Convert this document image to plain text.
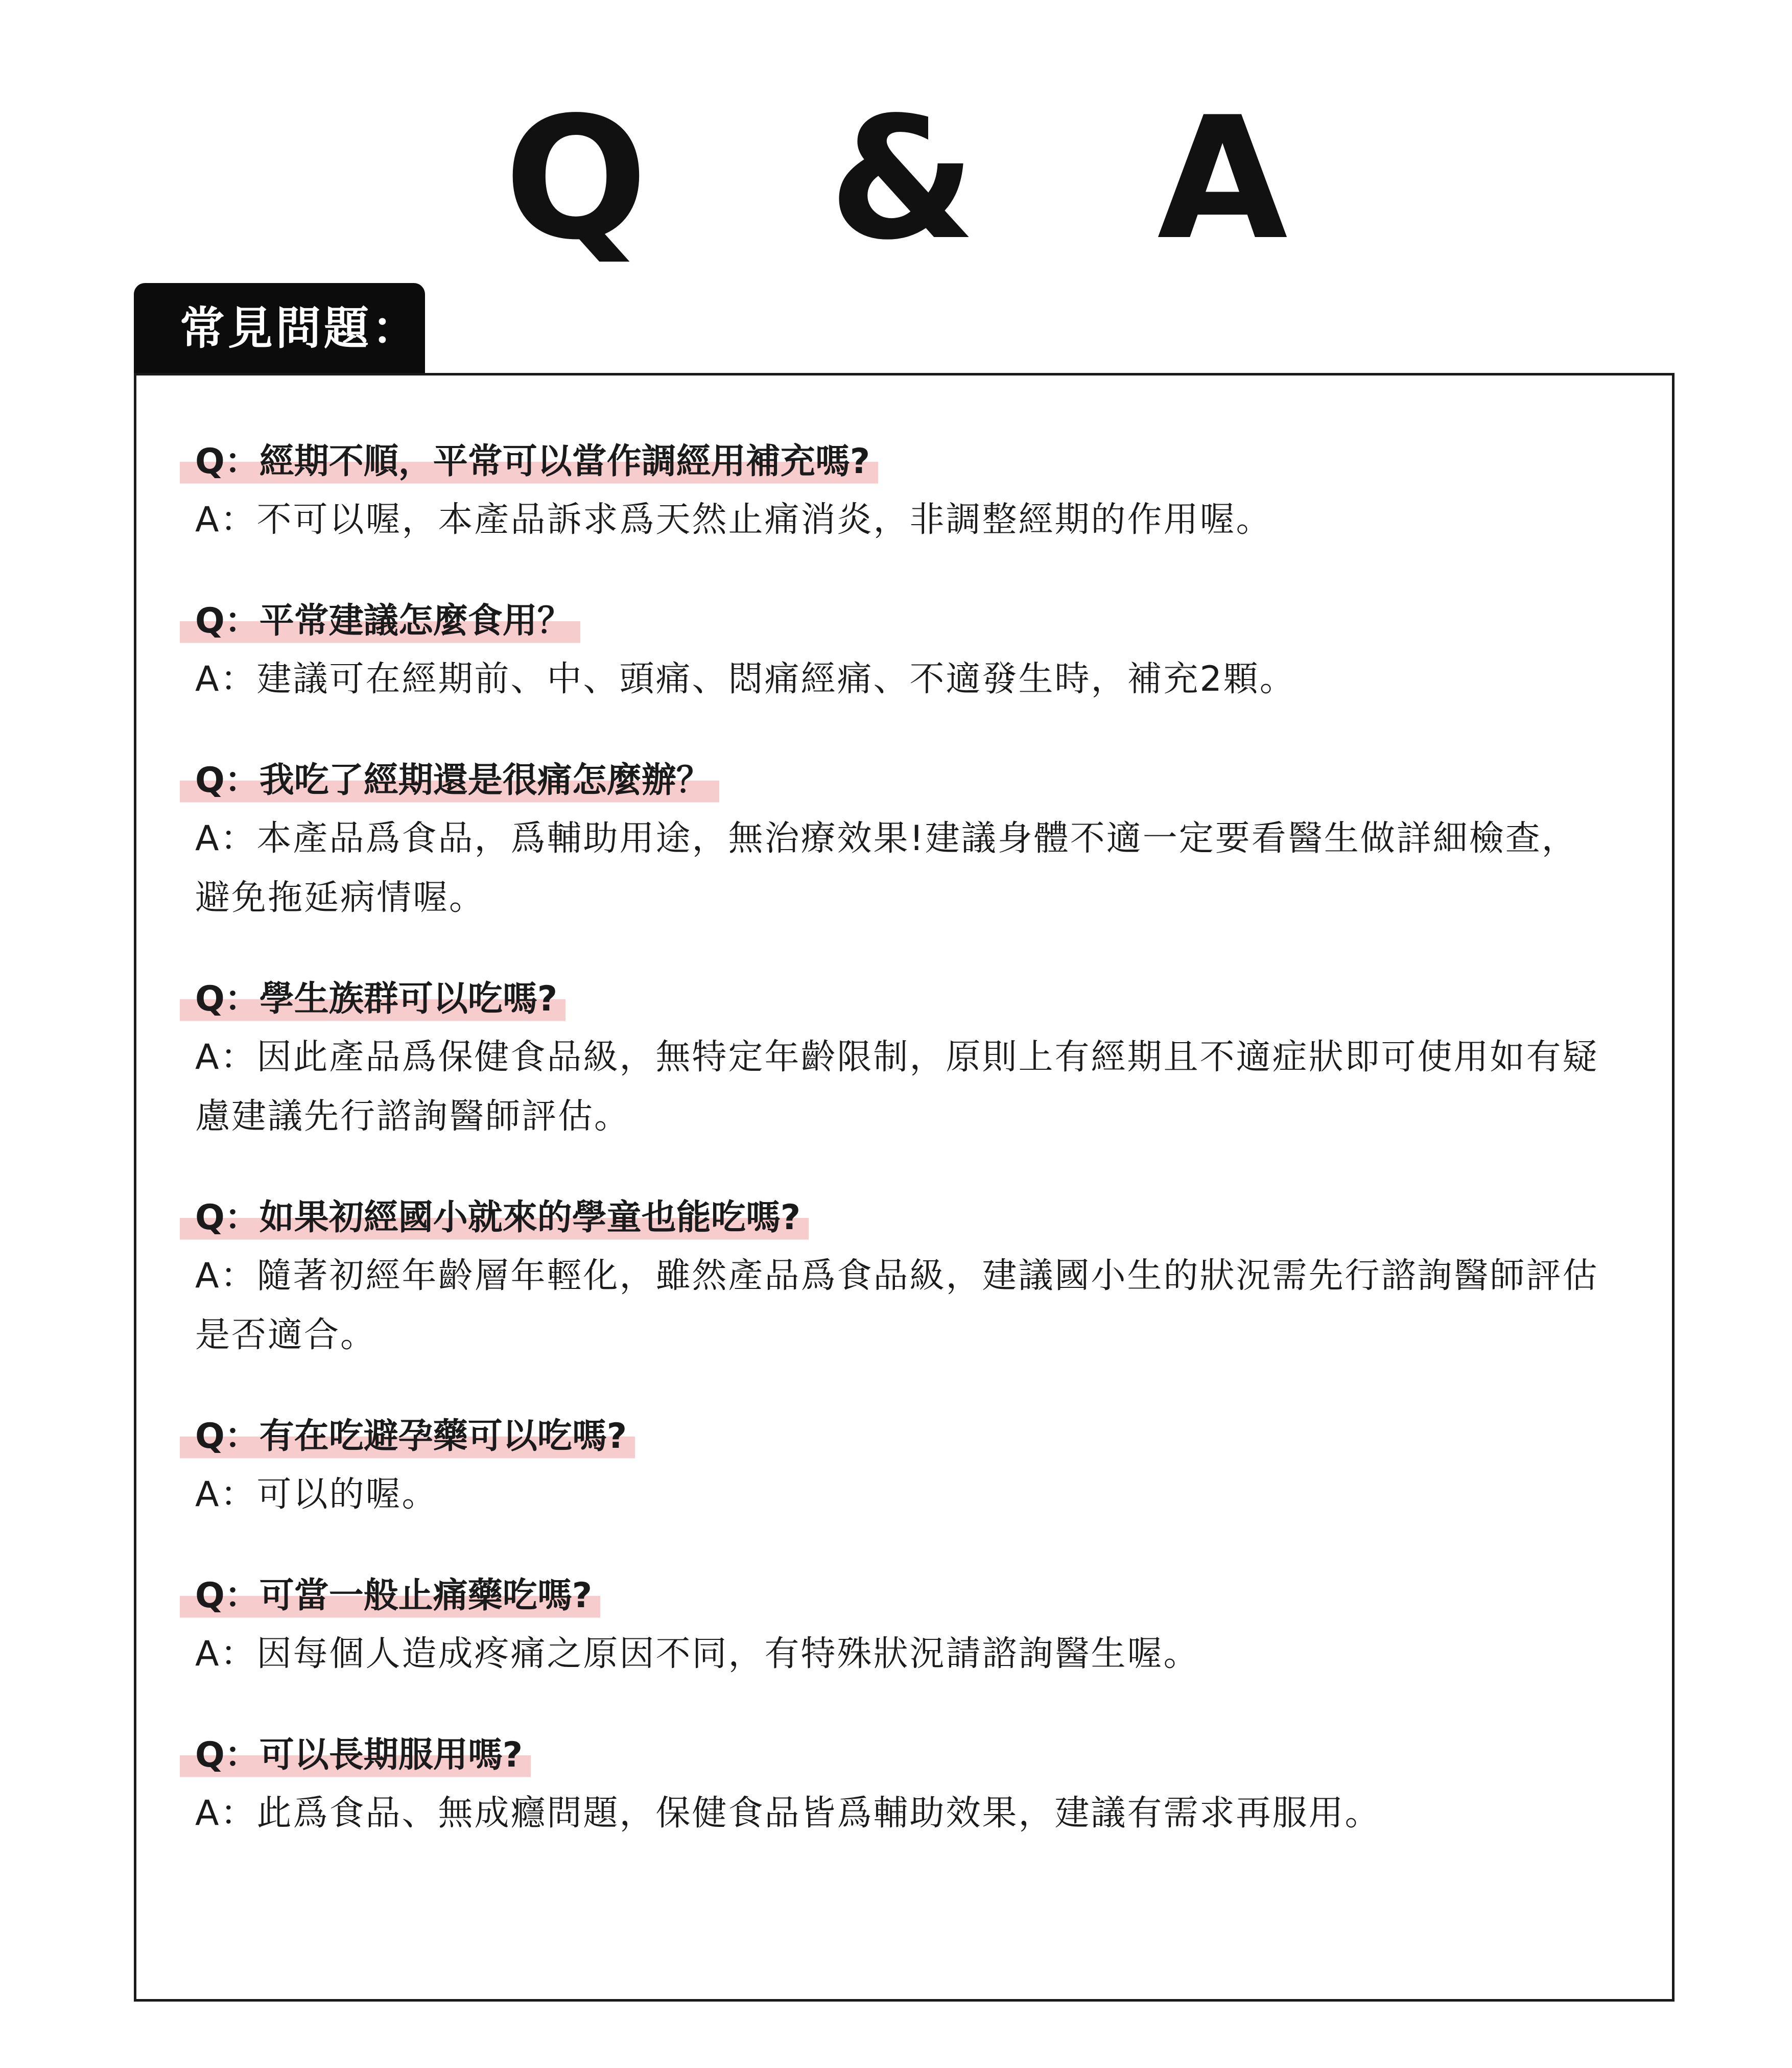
Q & A
常見問題：
Q：經期不順，平常可以當作調經用補充嗎?

A：不可以喔，本產品訴求爲天然止痛消炎，非調整經期的作用喔。

Q：平常建議怎麼食用？

A：建議可在經期前、中、頭痛、悶痛經痛、不適發生時，補充2顆。

Q：我吃了經期還是很痛怎麼辦？

A：本產品爲食品，爲輔助用途，無治療效果!建議身體不適一定要看醫生做詳細檢查，避免拖延病情喔。

Q：學生族群可以吃嗎?

A：因此產品爲保健食品級，無特定年齡限制，原則上有經期且不適症狀即可使用如有疑慮建議先行諮詢醫師評估。

Q：如果初經國小就來的學童也能吃嗎?

A：隨著初經年齡層年輕化，雖然產品爲食品級，建議國小生的狀況需先行諮詢醫師評估是否適合。

Q：有在吃避孕藥可以吃嗎?

A：可以的喔。

Q：可當一般止痛藥吃嗎?

A：因每個人造成疼痛之原因不同，有特殊狀況請諮詢醫生喔。

Q：可以長期服用嗎?

A：此爲食品、無成癮問題，保健食品皆爲輔助效果，建議有需求再服用。
